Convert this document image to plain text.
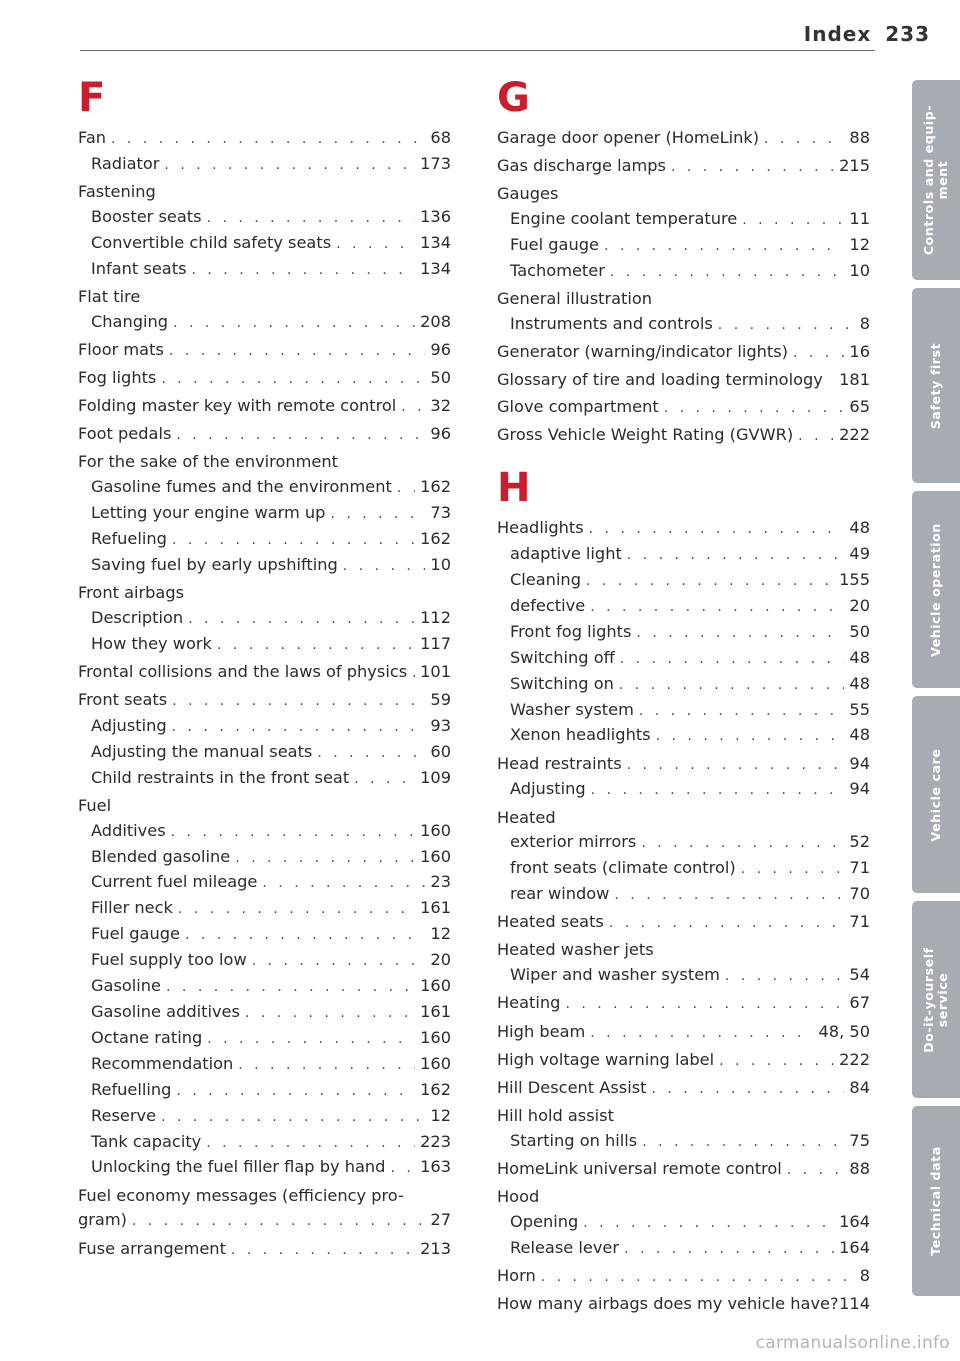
Index 233
F
Fan . . .	68
Radiator . . .	173
Fastening
Booster seats . . .	136
Convertible child safety seats . . .	134
Infant seats . . .	134
Flat tire
Changing . . .	208
Floor mats . . .	96
Fog lights . . .	50
Folding master key with remote control . . . 32
Foot pedals . . .	96
For the sake of the environment
Gasoline fumes and the environment . . . 162
Letting your engine warm up . . .	73
Refueling . . .	162
Saving fuel by early upshifting . . .	10
Front airbags
Description . . .	112
How they work . . .	117
Frontal collisions and the laws of physics . . . 101
Front seats . . .	59
Adjusting . . .	93
Adjusting the manual seats . . .	60
Child restraints in the front seat . . .	109
Fuel
Additives . . .	160
Blended gasoline . . .	160
Current fuel mileage . . .	23
Filler neck . . .	161
Fuel gauge . . .	12
Fuel supply too low . . .	20
Gasoline . . .	160
Gasoline additives . . .	161
Octane rating . . .	160
Recommendation . . .	160
Refuelling . . .	162
Reserve . . .	12
Tank capacity . . .	223
Unlocking the fuel filler flap by hand . . . 163
Fuel economy messages (efficiency pro-
gram) . . .	27
Fuse arrangement . . .	213
G
Garage door opener (HomeLink) . . .	88
Gas discharge lamps . . .	215
Gauges
Engine coolant temperature . . .	11
Fuel gauge . . .	12
Tachometer . . .	10
General illustration
Instruments and controls . . .	8
Generator (warning/indicator lights) . . .	16
Glossary of tire and loading terminology 181
Glove compartment . . .	65
Gross Vehicle Weight Rating (GVWR) . . .	222
H
Headlights . . .	48
adaptive light . . .	49
Cleaning . . .	155
defective . . .	20
Front fog lights . . .	50
Switching off . . .	48
Switching on . . .	48
Washer system . . .	55
Xenon headlights . . .	48
Head restraints . . .	94
Adjusting . . .	94
Heated
exterior mirrors . . .	52
front seats (climate control) . . .	71
rear window . . .	70
Heated seats . . .	71
Heated washer jets
Wiper and washer system . . .	54
Heating . . .	67
High beam . . .	48, 50
High voltage warning label . . .	222
Hill Descent Assist . . .	84
Hill hold assist
Starting on hills . . .	75
HomeLink universal remote control . . .	88
Hood
Opening . . .	164
Release lever . . .	164
Horn . . .	8
How many airbags does my vehicle have? 114
Controls and equip-
ment
Safety first
Vehicle operation
Vehicle care
Do-it-yourself
service
Technical data
carmanualsonline.info
